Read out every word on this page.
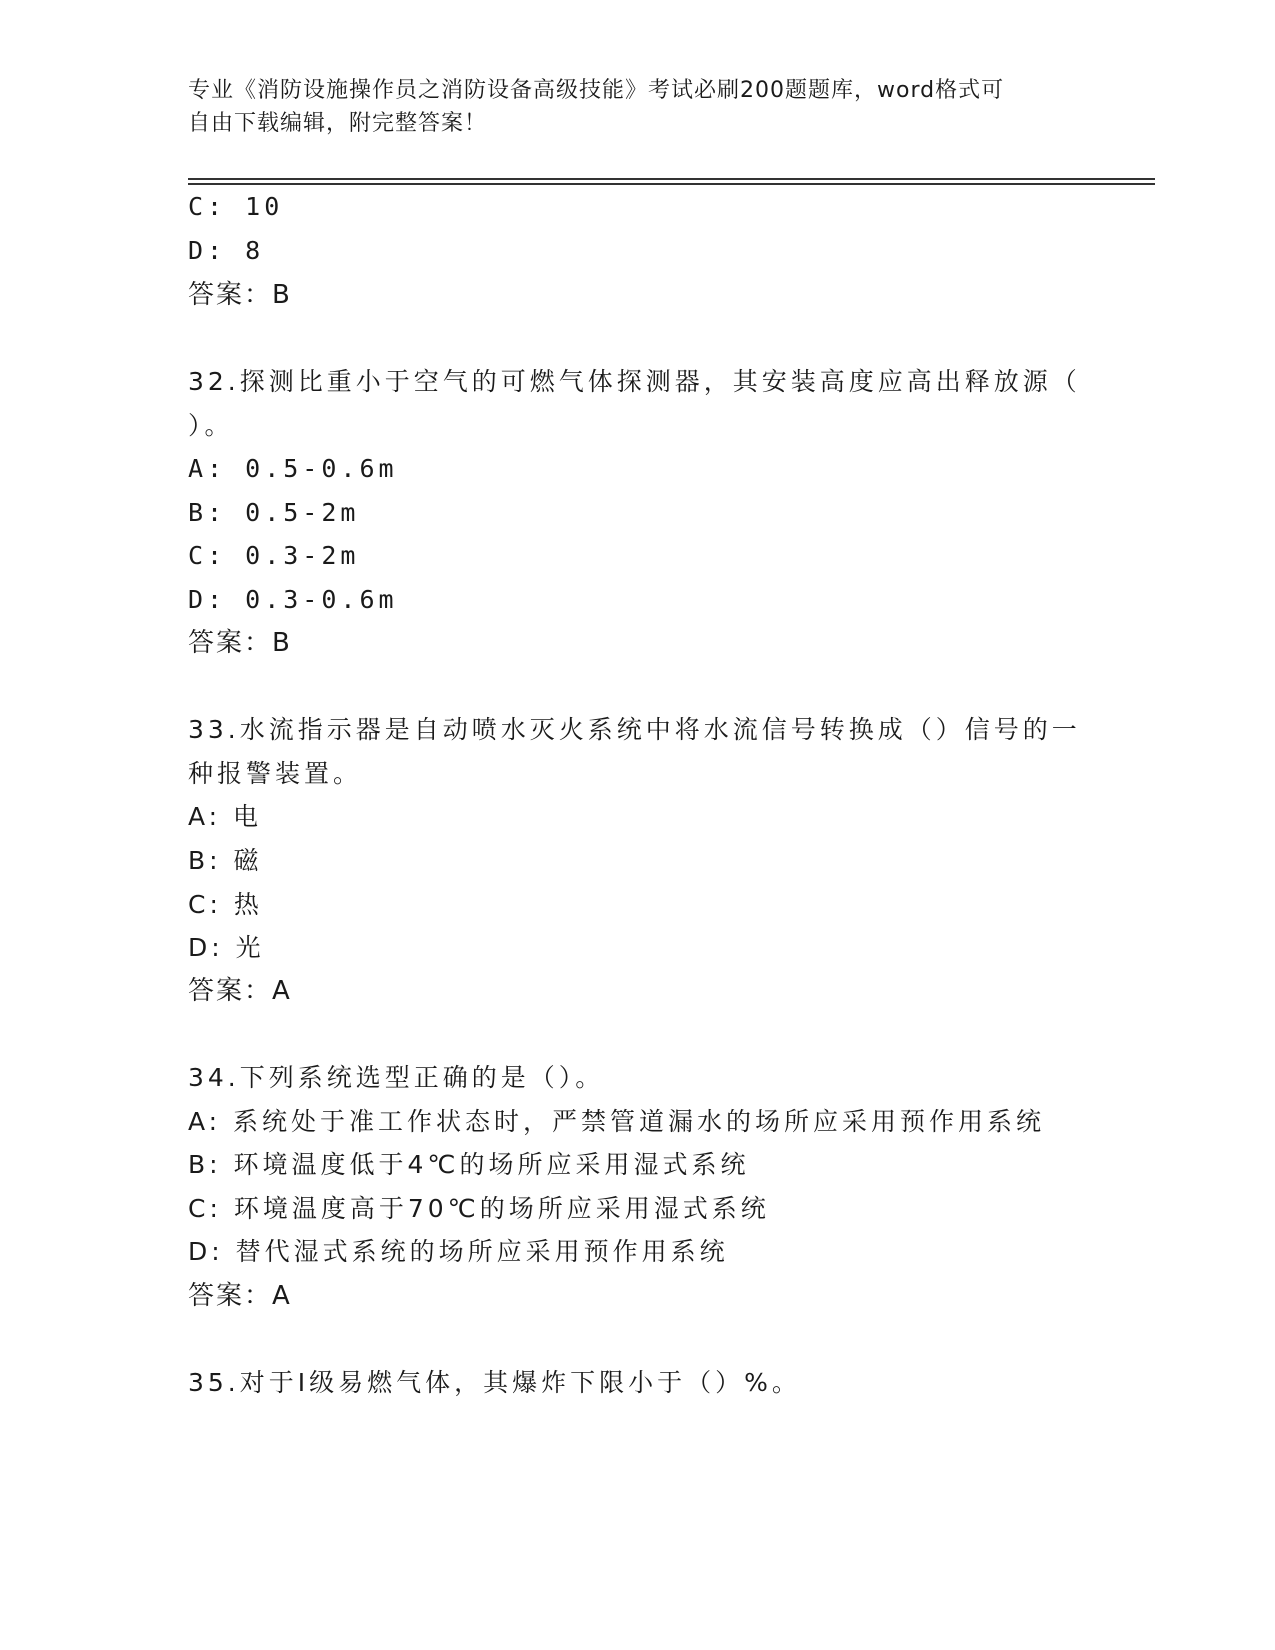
专业《消防设施操作员之消防设备高级技能》考试必刷200题题库，word格式可
自由下载编辑，附完整答案！
C: 10
D: 8
答案：B
32.探测比重小于空气的可燃气体探测器，其安装高度应高出释放源（
）。
A: 0.5-0.6m
B: 0.5-2m
C: 0.3-2m
D: 0.3-0.6m
答案：B
33.水流指示器是自动喷水灭火系统中将水流信号转换成（）信号的一
种报警装置。
A: 电
B: 磁
C: 热
D: 光
答案：A
34.下列系统选型正确的是（）。
A: 系统处于准工作状态时，严禁管道漏水的场所应采用预作用系统
B: 环境温度低于4℃的场所应采用湿式系统
C: 环境温度高于70℃的场所应采用湿式系统
D: 替代湿式系统的场所应采用预作用系统
答案：A
35.对于Ⅰ级易燃气体，其爆炸下限小于（）%。
